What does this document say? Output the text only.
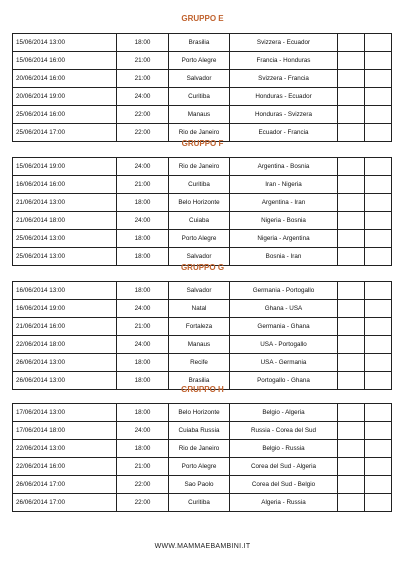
GRUPPO E
15/06/2014 13:00	18:00	Brasilia	Svizzera - Ecuador		
15/06/2014 16:00	21:00	Porto Alegre	Francia - Honduras		
20/06/2014 16:00	21:00	Salvador	Svizzera - Francia		
20/06/2014 19:00	24:00	Curitiba	Honduras - Ecuador		
25/06/2014 16:00	22:00	Manaus	Honduras - Svizzera		
25/06/2014 17:00	22:00	Rio de Janeiro	Ecuador - Francia		
GRUPPO F
15/06/2014 19:00	24:00	Rio de Janeiro	Argentina - Bosnia		
16/06/2014 16:00	21:00	Curitiba	Iran - Nigeria		
21/06/2014 13:00	18:00	Belo Horizonte	Argentina - Iran		
21/06/2014 18:00	24:00	Cuiaba	Nigeria - Bosnia		
25/06/2014 13:00	18:00	Porto Alegre	Nigeria - Argentina		
25/06/2014 13:00	18:00	Salvador	Bosnia - Iran		
GRUPPO G
16/06/2014 13:00	18:00	Salvador	Germania - Portogallo		
16/06/2014 19:00	24:00	Natal	Ghana - USA		
21/06/2014 16:00	21:00	Fortaleza	Germania - Ghana		
22/06/2014 18:00	24:00	Manaus	USA - Portogallo		
26/06/2014 13:00	18:00	Recife	USA - Germania		
26/06/2014 13:00	18:00	Brasilia	Portogallo - Ghana		
GRUPPO H
17/06/2014 13:00	18:00	Belo Horizonte	Belgio - Algeria		
17/06/2014 18:00	24:00	Cuiaba Russia	Russia - Corea del Sud		
22/06/2014 13:00	18:00	Rio de Janeiro	Belgio - Russia		
22/06/2014 16:00	21:00	Porto Alegre	Corea del Sud - Algeria		
26/06/2014 17:00	22:00	Sao Paolo	Corea del Sud - Belgio		
26/06/2014 17:00	22:00	Curitiba	Algeria - Russia		
WWW.MAMMAEBAMBINI.IT
